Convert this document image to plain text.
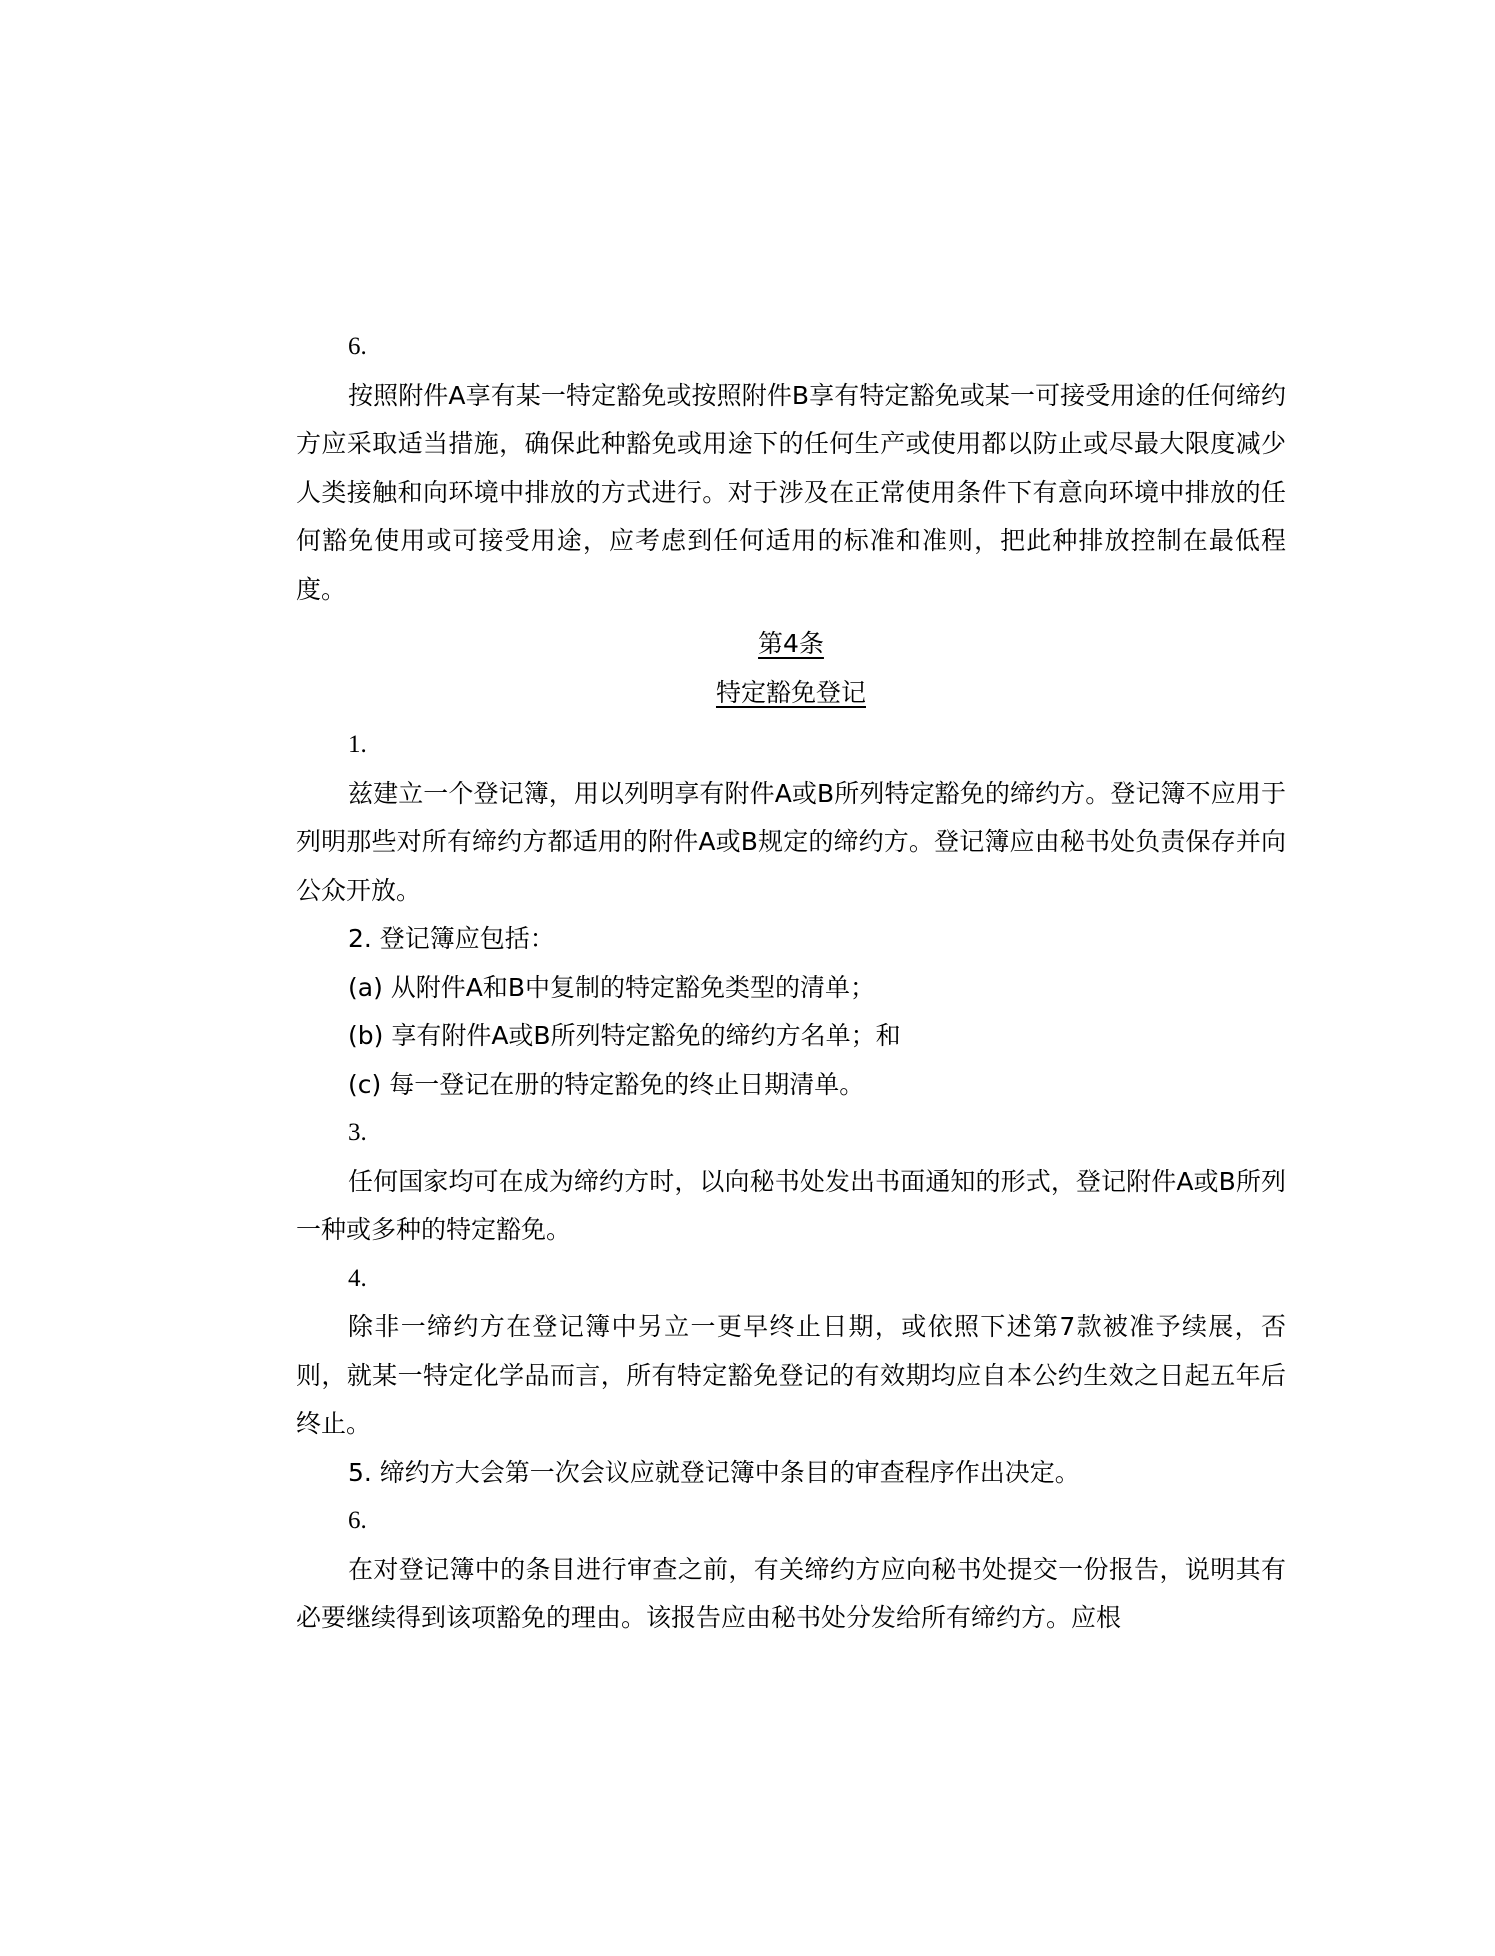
6.

按照附件A享有某一特定豁免或按照附件B享有特定豁免或某一可接受用途的任何缔约方应采取适当措施，确保此种豁免或用途下的任何生产或使用都以防止或尽最大限度减少人类接触和向环境中排放的方式进行。对于涉及在正常使用条件下有意向环境中排放的任何豁免使用或可接受用途，应考虑到任何适用的标准和准则，把此种排放控制在最低程度。

第4条

特定豁免登记

1.

兹建立一个登记簿，用以列明享有附件A或B所列特定豁免的缔约方。登记簿不应用于列明那些对所有缔约方都适用的附件A或B规定的缔约方。登记簿应由秘书处负责保存并向公众开放。

2. 登记簿应包括：

(a) 从附件A和B中复制的特定豁免类型的清单；

(b) 享有附件A或B所列特定豁免的缔约方名单；和

(c) 每一登记在册的特定豁免的终止日期清单。

3.

任何国家均可在成为缔约方时，以向秘书处发出书面通知的形式，登记附件A或B所列一种或多种的特定豁免。

4.

除非一缔约方在登记簿中另立一更早终止日期，或依照下述第7款被准予续展，否则，就某一特定化学品而言，所有特定豁免登记的有效期均应自本公约生效之日起五年后终止。

5. 缔约方大会第一次会议应就登记簿中条目的审查程序作出决定。

6.

在对登记簿中的条目进行审查之前，有关缔约方应向秘书处提交一份报告，说明其有必要继续得到该项豁免的理由。该报告应由秘书处分发给所有缔约方。应根
